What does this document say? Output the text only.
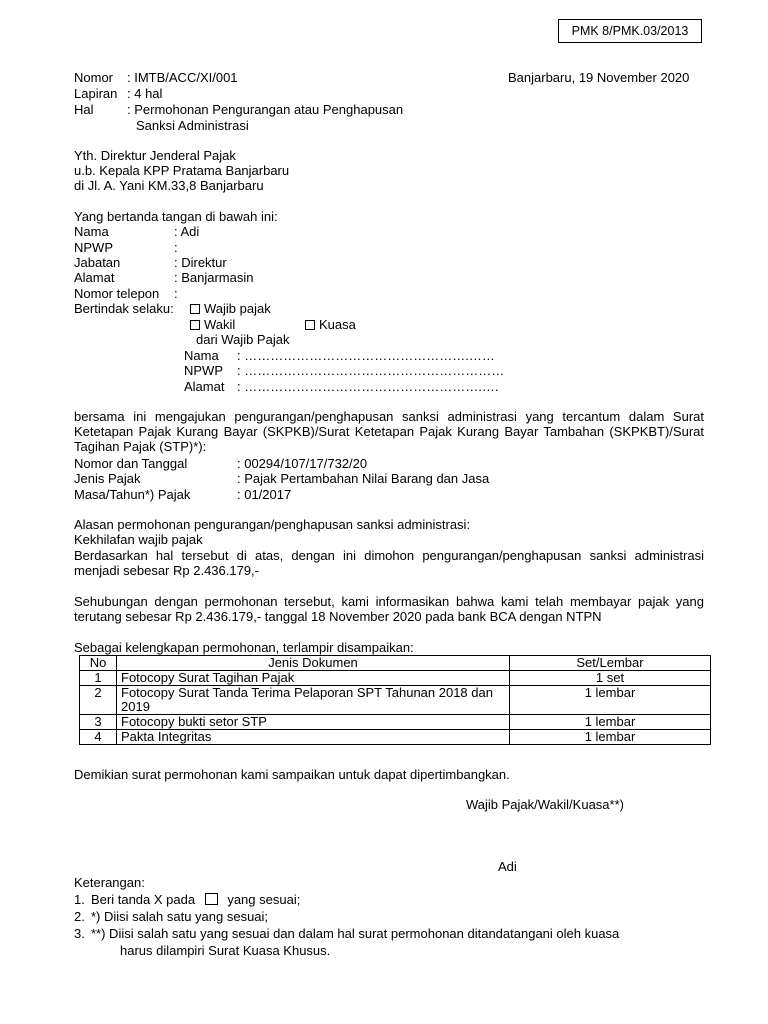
PMK 8/PMK.03/2013
Nomor : IMTB/ACC/XI/001	Banjarbaru, 19 November 2020
Lapiran : 4 hal
Hal	: Permohonan Pengurangan atau Penghapusan
Sanksi Administrasi
Yth. Direktur Jenderal Pajak
u.b. Kepala KPP Pratama Banjarbaru
di Jl. A. Yani KM.33,8 Banjarbaru
Yang bertanda tangan di bawah ini:
Nama	: Adi
NPWP	:
Jabatan	: Direktur
Alamat	: Banjarmasin
Nomor telepon :
Bertindak selaku:	Wajib pajak
Wakil	Kuasa
dari Wajib Pajak
Nama : …………………………………………….……
NPWP : ……………………………………………………
Alamat : ……………………………………………….….
bersama ini mengajukan pengurangan/penghapusan sanksi administrasi yang tercantum dalam Surat Ketetapan Pajak Kurang Bayar (SKPKB)/Surat Ketetapan Pajak Kurang Bayar Tambahan (SKPKBT)/Surat Tagihan Pajak (STP)*):
Nomor dan Tanggal	: 00294/107/17/732/20
Jenis Pajak	: Pajak Pertambahan Nilai Barang dan Jasa
Masa/Tahun*) Pajak	: 01/2017
Alasan permohonan pengurangan/penghapusan sanksi administrasi:
Kekhilafan wajib pajak
Berdasarkan hal tersebut di atas, dengan ini dimohon pengurangan/penghapusan sanksi administrasi menjadi sebesar Rp 2.436.179,-
Sehubungan dengan permohonan tersebut, kami informasikan bahwa kami telah membayar pajak yang terutang sebesar Rp 2.436.179,- tanggal 18 November 2020 pada bank BCA dengan NTPN
Sebagai kelengkapan permohonan, terlampir disampaikan:
No	Jenis Dokumen	Set/Lembar
1	Fotocopy Surat Tagihan Pajak	1 set
2	Fotocopy Surat Tanda Terima Pelaporan SPT Tahunan 2018 dan 2019	1 lembar
3	Fotocopy bukti setor STP	1 lembar
4	Pakta Integritas	1 lembar
Demikian surat permohonan kami sampaikan untuk dapat dipertimbangkan.
Wajib Pajak/Wakil/Kuasa**)
Adi
Keterangan:
1. Beri tanda X pada yang sesuai;
2. *) Diisi salah satu yang sesuai;
3. **) Diisi salah satu yang sesuai dan dalam hal surat permohonan ditandatangani oleh kuasa
harus dilampiri Surat Kuasa Khusus.
